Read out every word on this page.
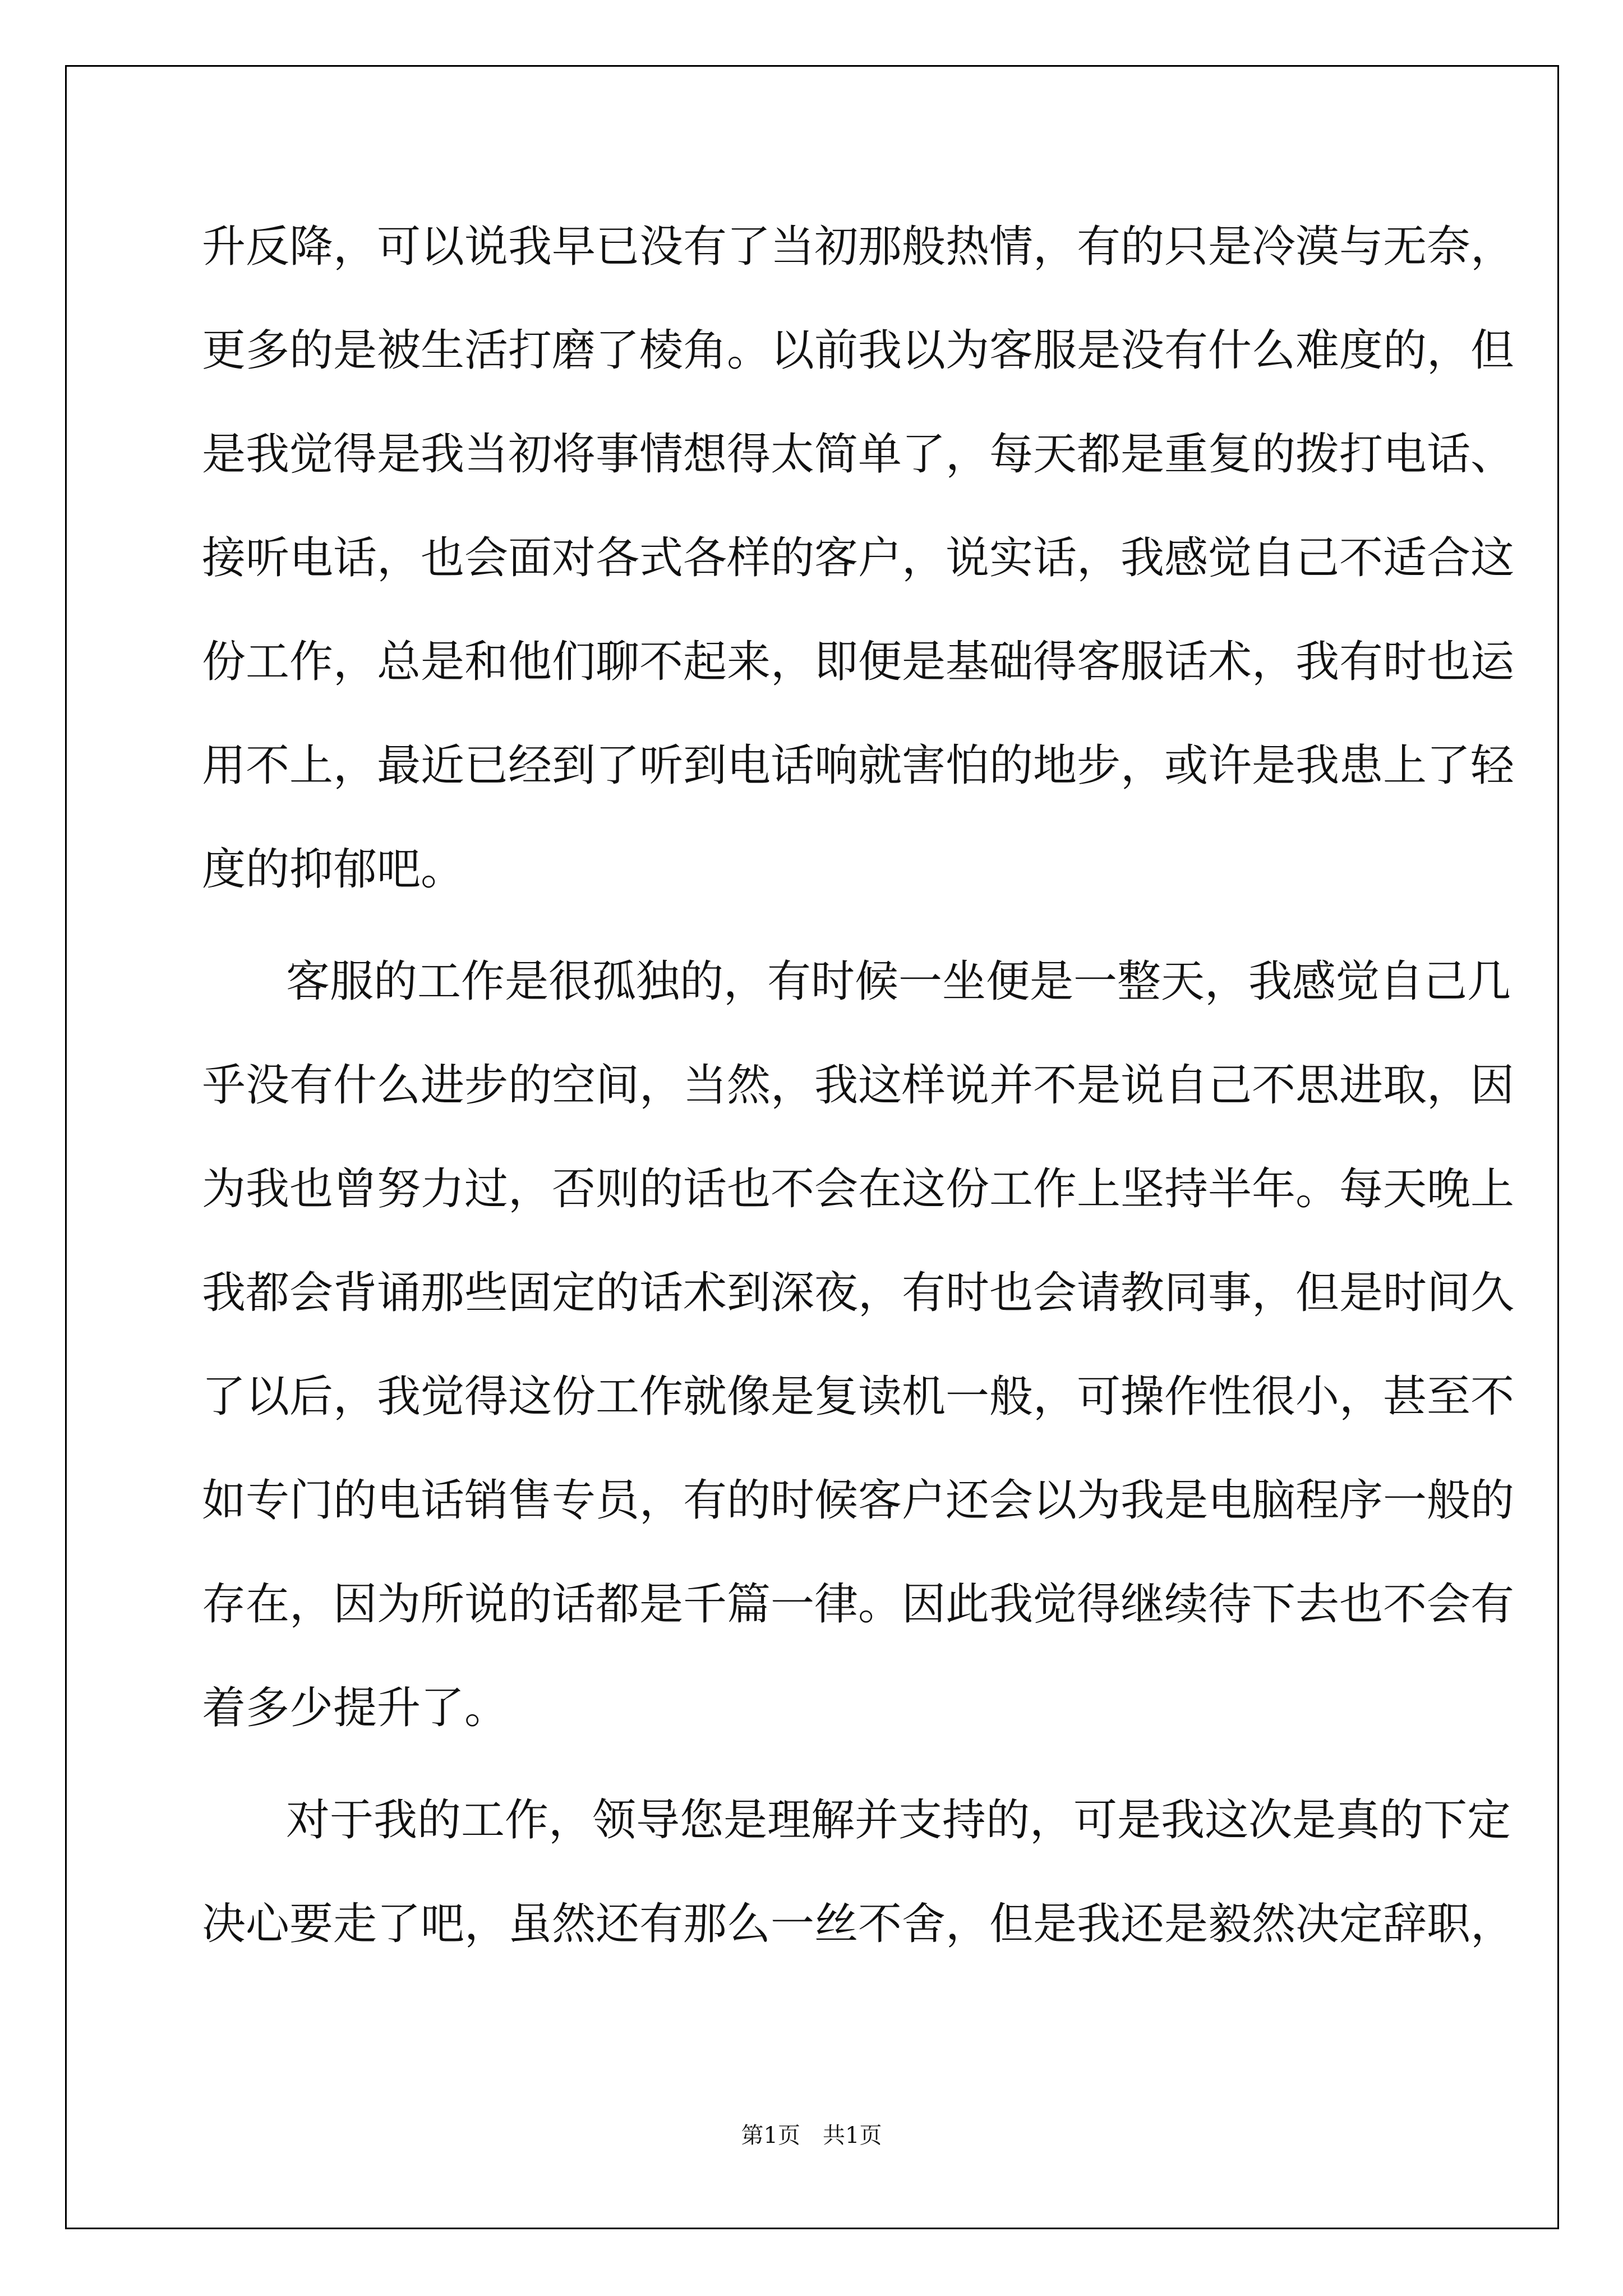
升反降，可以说我早已没有了当初那般热情，有的只是冷漠与无奈，
更多的是被生活打磨了棱角。以前我以为客服是没有什么难度的，但
是我觉得是我当初将事情想得太简单了，每天都是重复的拨打电话、
接听电话，也会面对各式各样的客户，说实话，我感觉自己不适合这
份工作，总是和他们聊不起来，即便是基础得客服话术，我有时也运
用不上，最近已经到了听到电话响就害怕的地步，或许是我患上了轻
度的抑郁吧。
客服的工作是很孤独的，有时候一坐便是一整天，我感觉自己几
乎没有什么进步的空间，当然，我这样说并不是说自己不思进取，因
为我也曾努力过，否则的话也不会在这份工作上坚持半年。每天晚上
我都会背诵那些固定的话术到深夜，有时也会请教同事，但是时间久
了以后，我觉得这份工作就像是复读机一般，可操作性很小，甚至不
如专门的电话销售专员，有的时候客户还会以为我是电脑程序一般的
存在，因为所说的话都是千篇一律。因此我觉得继续待下去也不会有
着多少提升了。
对于我的工作，领导您是理解并支持的，可是我这次是真的下定
决心要走了吧，虽然还有那么一丝不舍，但是我还是毅然决定辞职，
第1页　共1页
